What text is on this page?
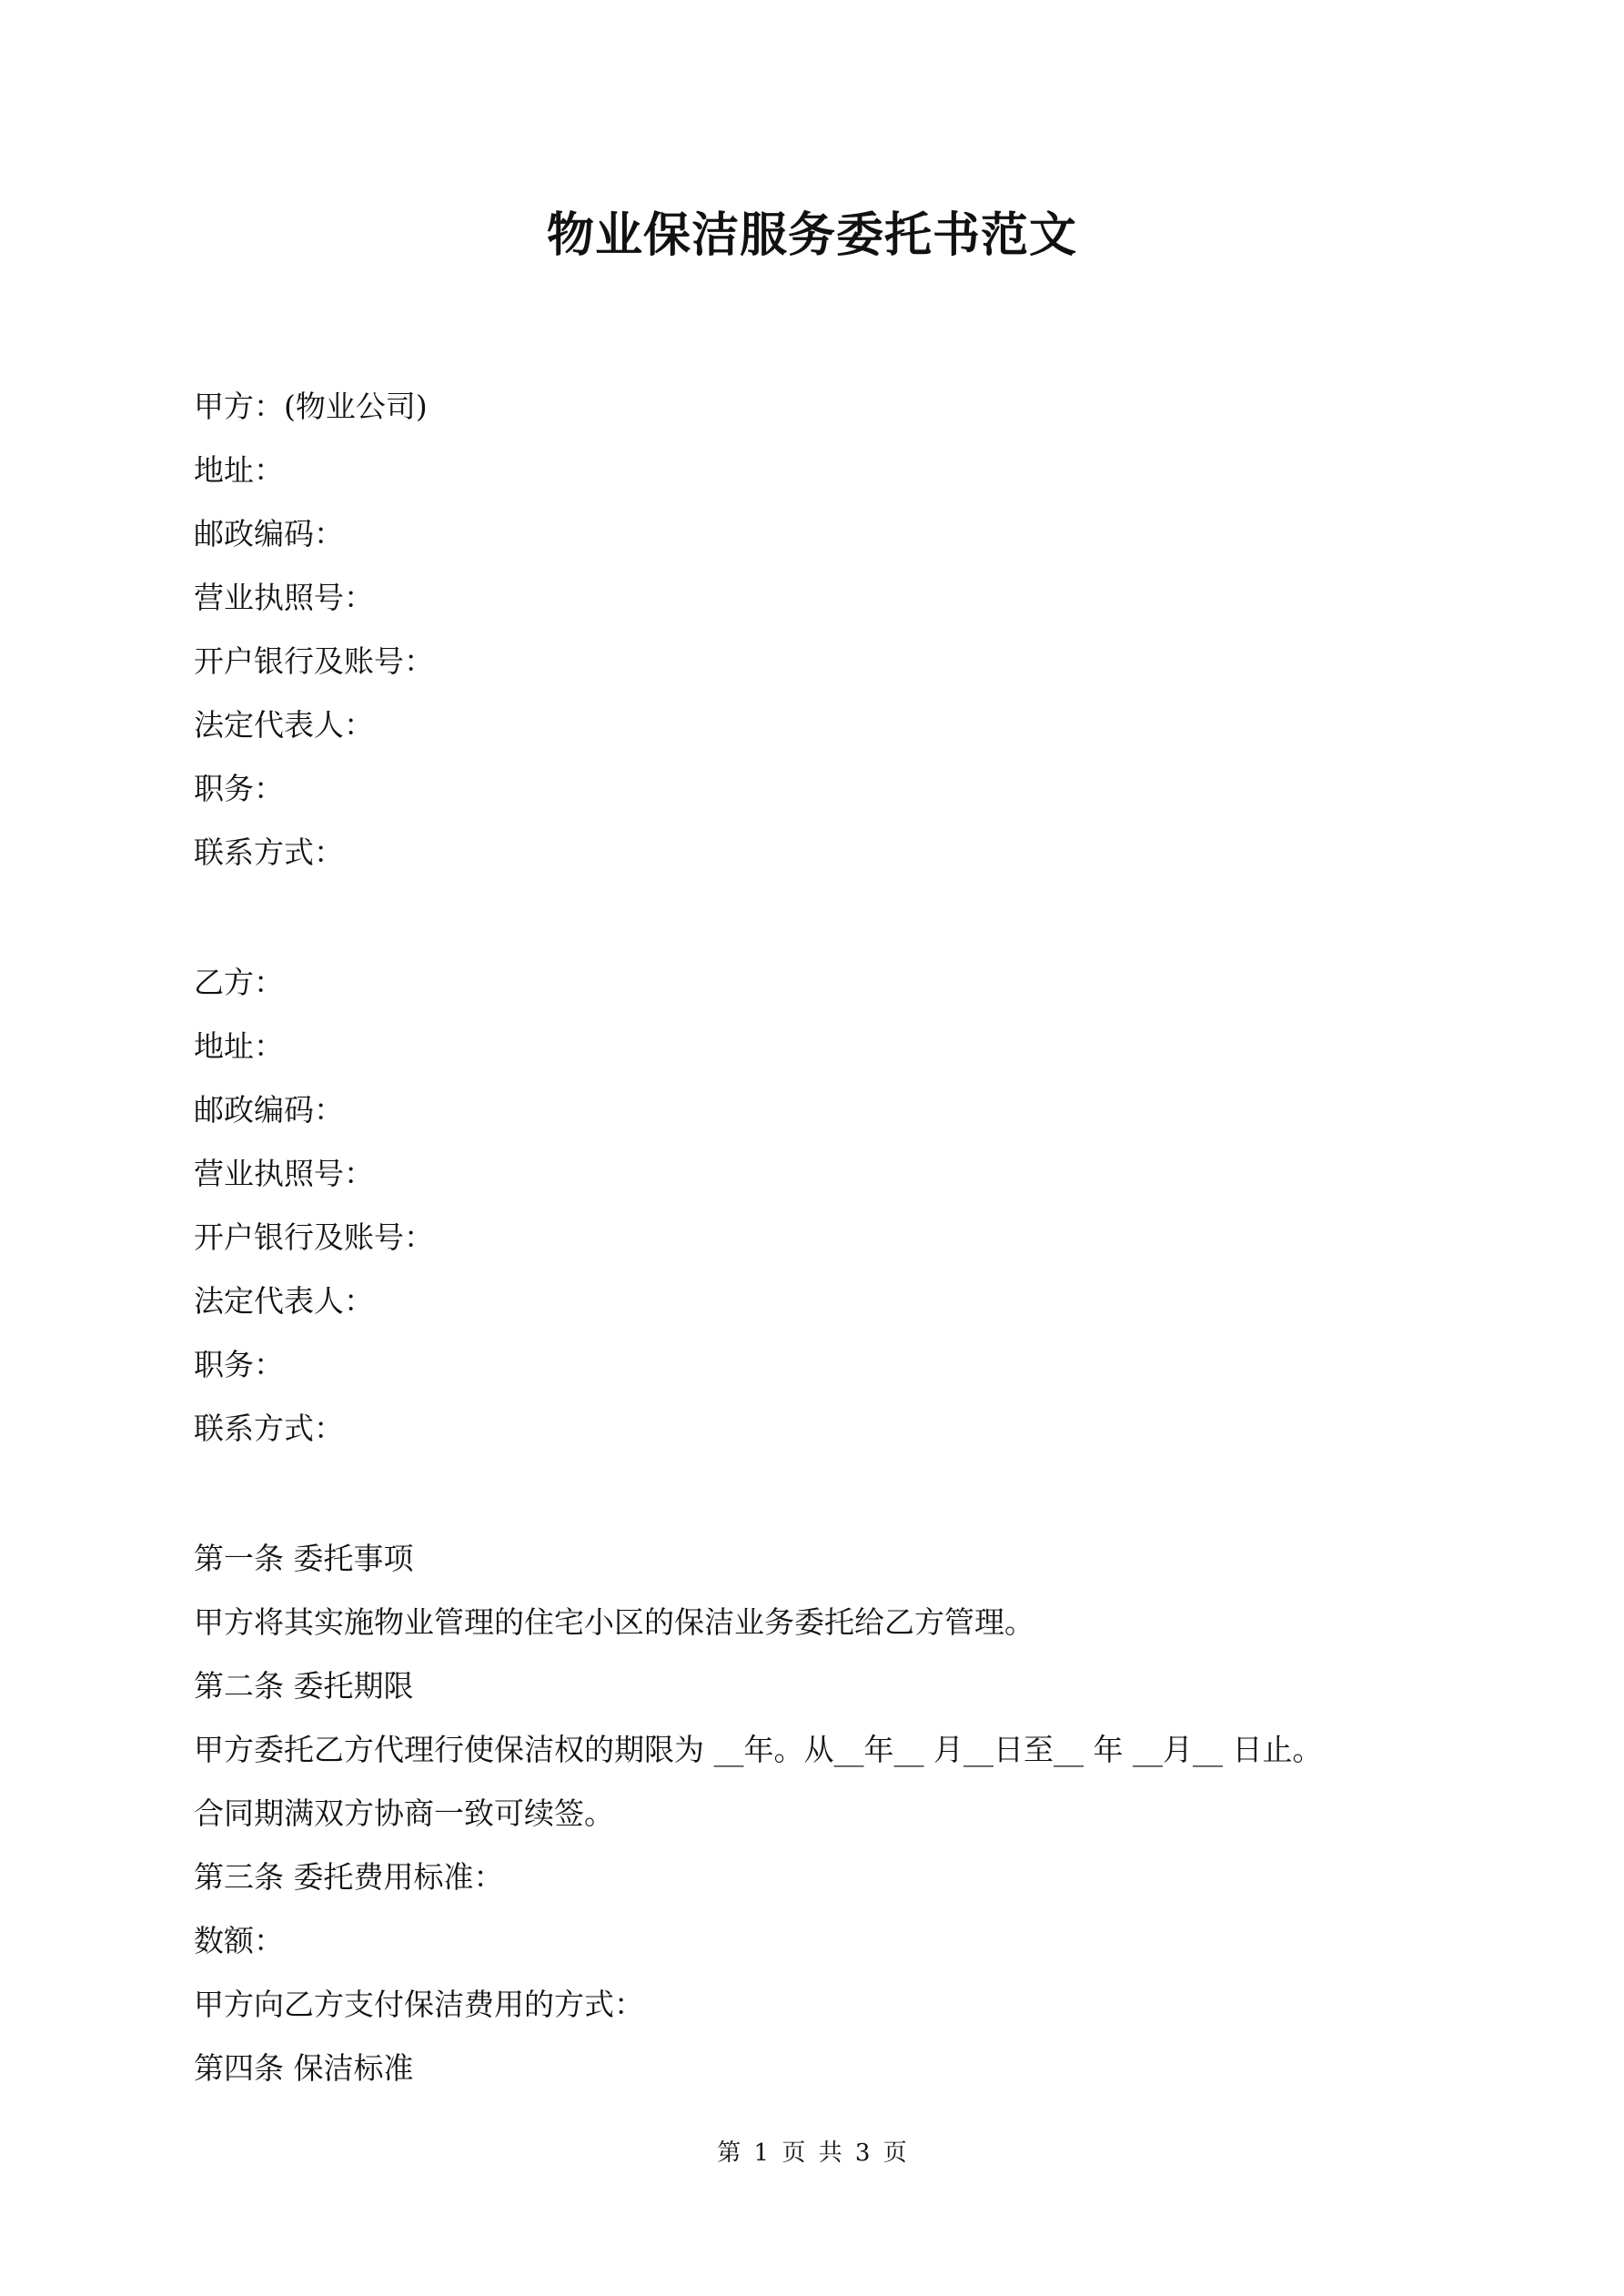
物业保洁服务委托书范文
甲方：(物业公司)
地址：
邮政编码：
营业执照号：
开户银行及账号：
法定代表人：
职务：
联系方式：
乙方：
地址：
邮政编码：
营业执照号：
开户银行及账号：
法定代表人：
职务：
联系方式：
第一条 委托事项
甲方将其实施物业管理的住宅小区的保洁业务委托给乙方管理。
第二条 委托期限
甲方委托乙方代理行使保洁权的期限为 __年。从__年__ 月__日至__ 年 __月__ 日止。
合同期满双方协商一致可续签。
第三条 委托费用标准：
数额：
甲方向乙方支付保洁费用的方式：
第四条 保洁标准
第 1 页 共 3 页
